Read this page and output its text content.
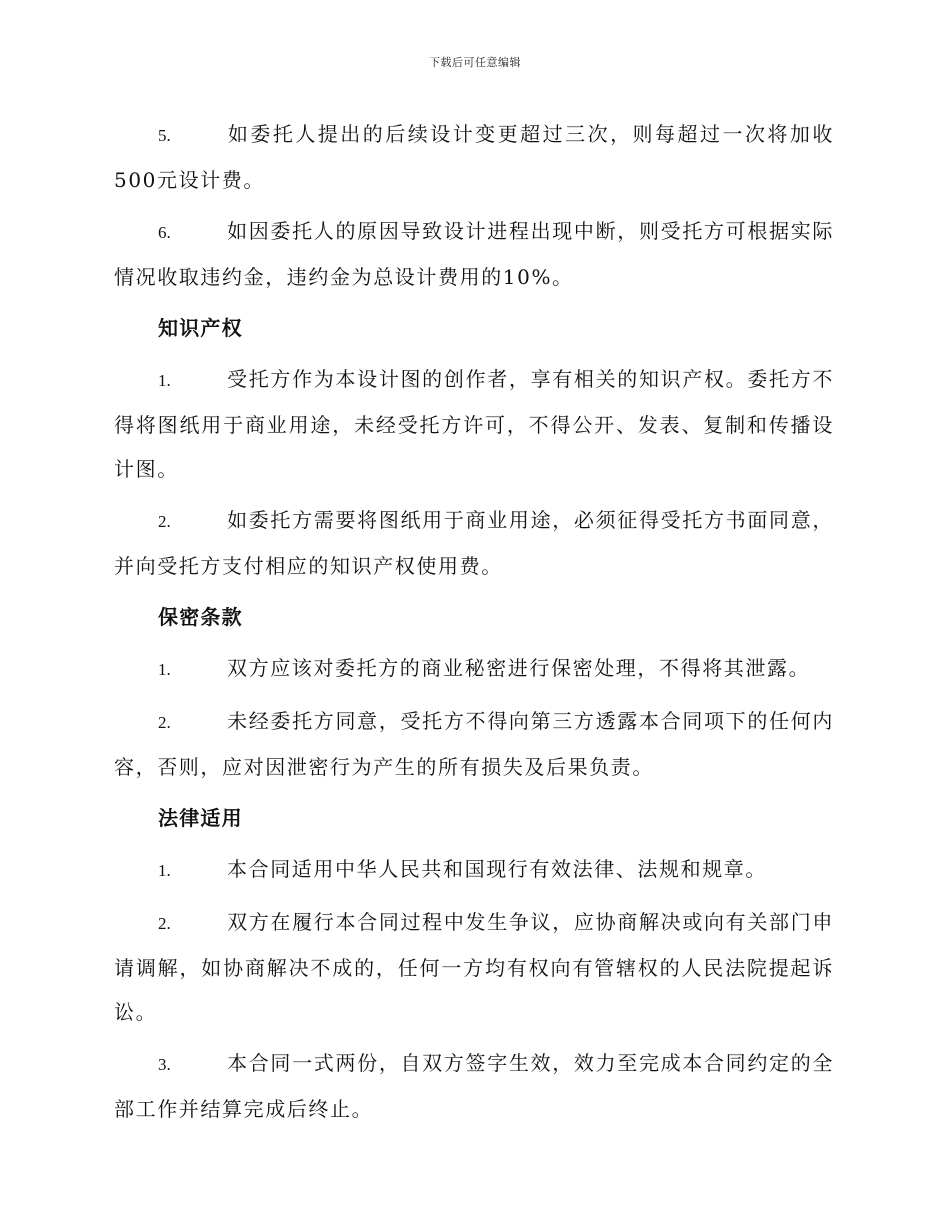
下载后可任意编辑
5.	如委托人提出的后续设计变更超过三次，则每超过一次将加收500元设计费。
6.	如因委托人的原因导致设计进程出现中断，则受托方可根据实际情况收取违约金，违约金为总设计费用的10%。
知识产权
1.	受托方作为本设计图的创作者，享有相关的知识产权。委托方不得将图纸用于商业用途，未经受托方许可，不得公开、发表、复制和传播设计图。
2.	如委托方需要将图纸用于商业用途，必须征得受托方书面同意，并向受托方支付相应的知识产权使用费。
保密条款
1.	双方应该对委托方的商业秘密进行保密处理，不得将其泄露。
2.	未经委托方同意，受托方不得向第三方透露本合同项下的任何内容，否则，应对因泄密行为产生的所有损失及后果负责。
法律适用
1.	本合同适用中华人民共和国现行有效法律、法规和规章。
2.	双方在履行本合同过程中发生争议，应协商解决或向有关部门申请调解，如协商解决不成的，任何一方均有权向有管辖权的人民法院提起诉讼。
3.	本合同一式两份，自双方签字生效，效力至完成本合同约定的全部工作并结算完成后终止。
